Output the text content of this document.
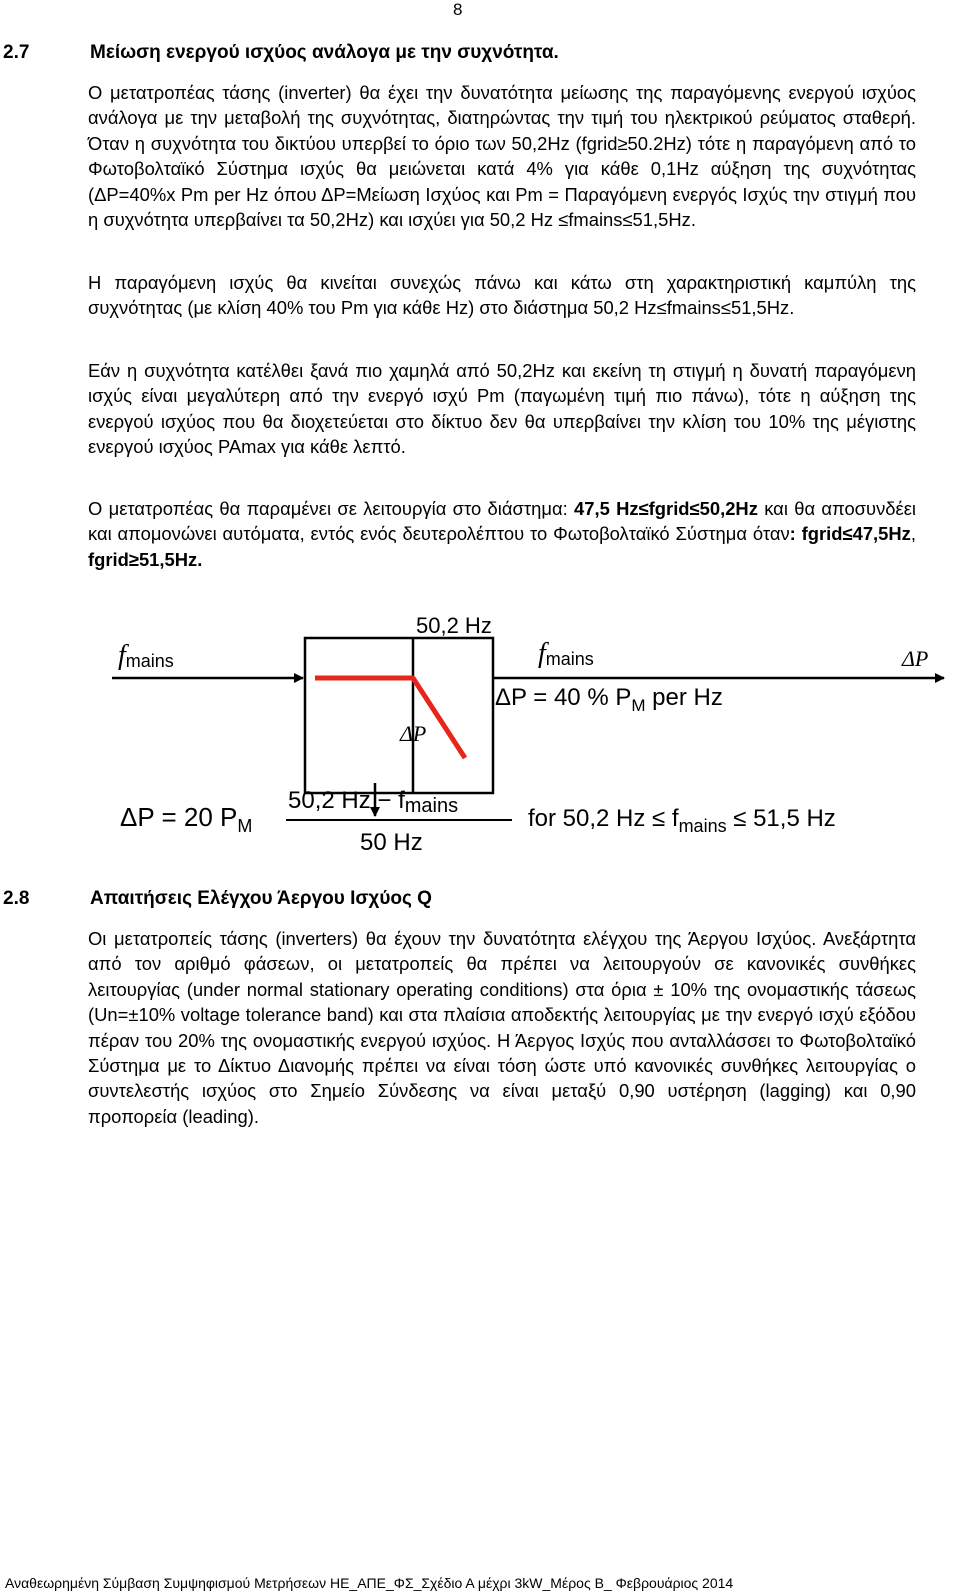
8
2.7	Μείωση ενεργού ισχύος ανάλογα με την συχνότητα.

Ο μετατροπέας τάσης (inverter) θα έχει την δυνατότητα μείωσης της παραγόμενης ενεργού ισχύος ανάλογα με την μεταβολή της συχνότητας, διατηρώντας την τιμή του ηλεκτρικού ρεύματος σταθερή. Όταν η συχνότητα του δικτύου υπερβεί το όριο των 50,2Hz (fgrid≥50.2Hz) τότε η παραγόμενη από το Φωτοβολταϊκό Σύστημα ισχύς θα μειώνεται κατά 4% για κάθε 0,1Hz αύξηση της συχνότητας (ΔP=40%x Pm per Hz όπου ΔP=Μείωση Ισχύος και Pm = Παραγόμενη ενεργός Ισχύς την στιγμή που η συχνότητα υπερβαίνει τα 50,2Hz) και ισχύει για 50,2 Hz ≤fmains≤51,5Hz.

Η παραγόμενη ισχύς θα κινείται συνεχώς πάνω και κάτω στη χαρακτηριστική καμπύλη της συχνότητας (με κλίση 40% του Pm για κάθε Hz) στο διάστημα 50,2 Hz≤fmains≤51,5Hz.

Εάν η συχνότητα κατέλθει ξανά πιο χαμηλά από 50,2Hz και εκείνη τη στιγμή η δυνατή παραγόμενη ισχύς είναι μεγαλύτερη από την ενεργό ισχύ Pm (παγωμένη τιμή πιο πάνω), τότε η αύξηση της ενεργού ισχύος που θα διοχετεύεται στο δίκτυο δεν θα υπερβαίνει την κλίση του 10% της μέγιστης ενεργού ισχύος PAmax για κάθε λεπτό.

Ο μετατροπέας θα παραμένει σε λειτουργία στο διάστημα: 47,5 Hz≤fgrid≤50,2Hz και θα αποσυνδέει και απομονώνει αυτόματα, εντός ενός δευτερολέπτου το Φωτοβολταϊκό Σύστημα όταν: fgrid≤47,5Hz, fgrid≥51,5Hz.

50,2 Hz
fmains	fmains	ΔP
ΔP
ΔP = 40 % $P_M$ per Hz
ΔP = 20 $P_M$
50,2 Hz − fmains
50 Hz
for 50,2 $Hz \le f_{mains} \le 51,5$ Hz
2.8	Απαιτήσεις Ελέγχου Άεργου Ισχύος Q

Οι μετατροπείς τάσης (inverters) θα έχουν την δυνατότητα ελέγχου της Άεργου Ισχύος. Ανεξάρτητα από τον αριθμό φάσεων, οι μετατροπείς θα πρέπει να λειτουργούν σε κανονικές συνθήκες λειτουργίας (under normal stationary operating conditions) στα όρια ± 10% της ονομαστικής τάσεως (Un=±10% voltage tolerance band) και στα πλαίσια αποδεκτής λειτουργίας με την ενεργό ισχύ εξόδου πέραν του 20% της ονομαστικής ενεργού ισχύος. Η Άεργος Ισχύς που ανταλλάσσει το Φωτοβολταϊκό Σύστημα με το Δίκτυο Διανομής πρέπει να είναι τόση ώστε υπό κανονικές συνθήκες λειτουργίας ο συντελεστής ισχύος στο Σημείο Σύνδεσης να είναι μεταξύ 0,90 υστέρηση (lagging) και 0,90 προπορεία (leading).

Αναθεωρημένη Σύμβαση Συμψηφισμού Μετρήσεων ΗΕ_ΑΠΕ_ΦΣ_Σχέδιο Α μέχρι 3kW_Μέρος Β_ Φεβρουάριος 2014
